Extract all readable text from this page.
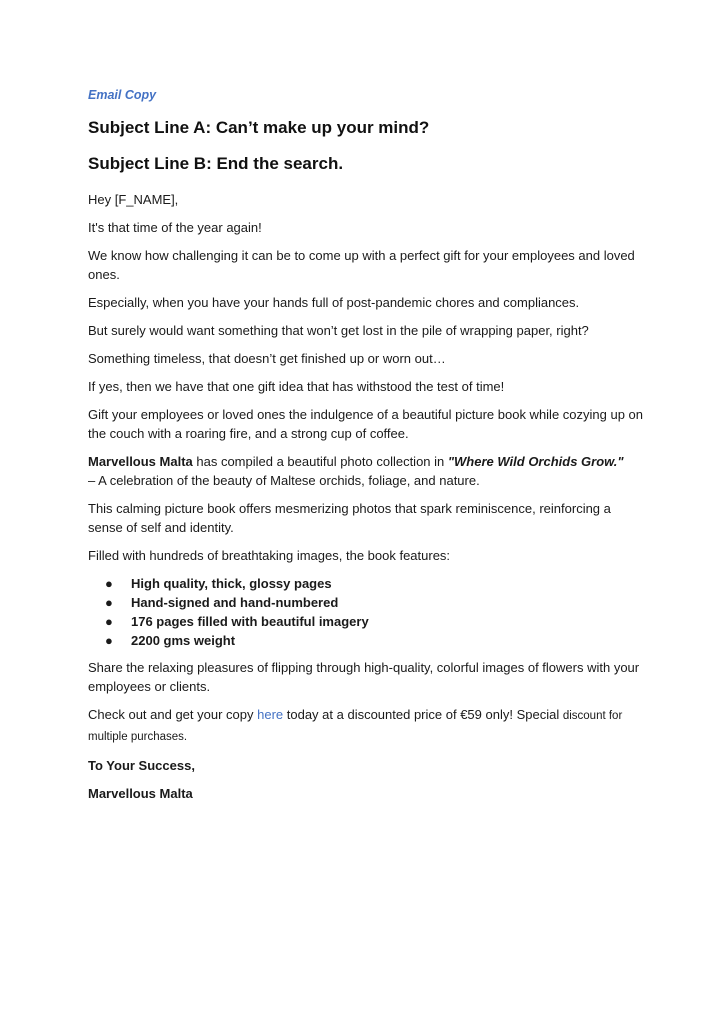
Email Copy
Subject Line A: Can’t make up your mind?
Subject Line B: End the search.

Hey [F_NAME],

It's that time of the year again!

We know how challenging it can be to come up with a perfect gift for your employees and loved ones.

Especially, when you have your hands full of post-pandemic chores and compliances.

But surely would want something that won’t get lost in the pile of wrapping paper, right?

Something timeless, that doesn’t get finished up or worn out…

If yes, then we have that one gift idea that has withstood the test of time!

Gift your employees or loved ones the indulgence of a beautiful picture book while cozying up on the couch with a roaring fire, and a strong cup of coffee.

Marvellous Malta has compiled a beautiful photo collection in "Where Wild Orchids Grow."
– A celebration of the beauty of Maltese orchids, foliage, and nature.

This calming picture book offers mesmerizing photos that spark reminiscence, reinforcing a sense of self and identity.

Filled with hundreds of breathtaking images, the book features:

● High quality, thick, glossy pages
● Hand-signed and hand-numbered
● 176 pages filled with beautiful imagery
● 2200 gms weight

Share the relaxing pleasures of flipping through high-quality, colorful images of flowers with your employees or clients.

Check out and get your copy here today at a discounted price of €59 only! Special discount for multiple purchases.

To Your Success,

Marvellous Malta
